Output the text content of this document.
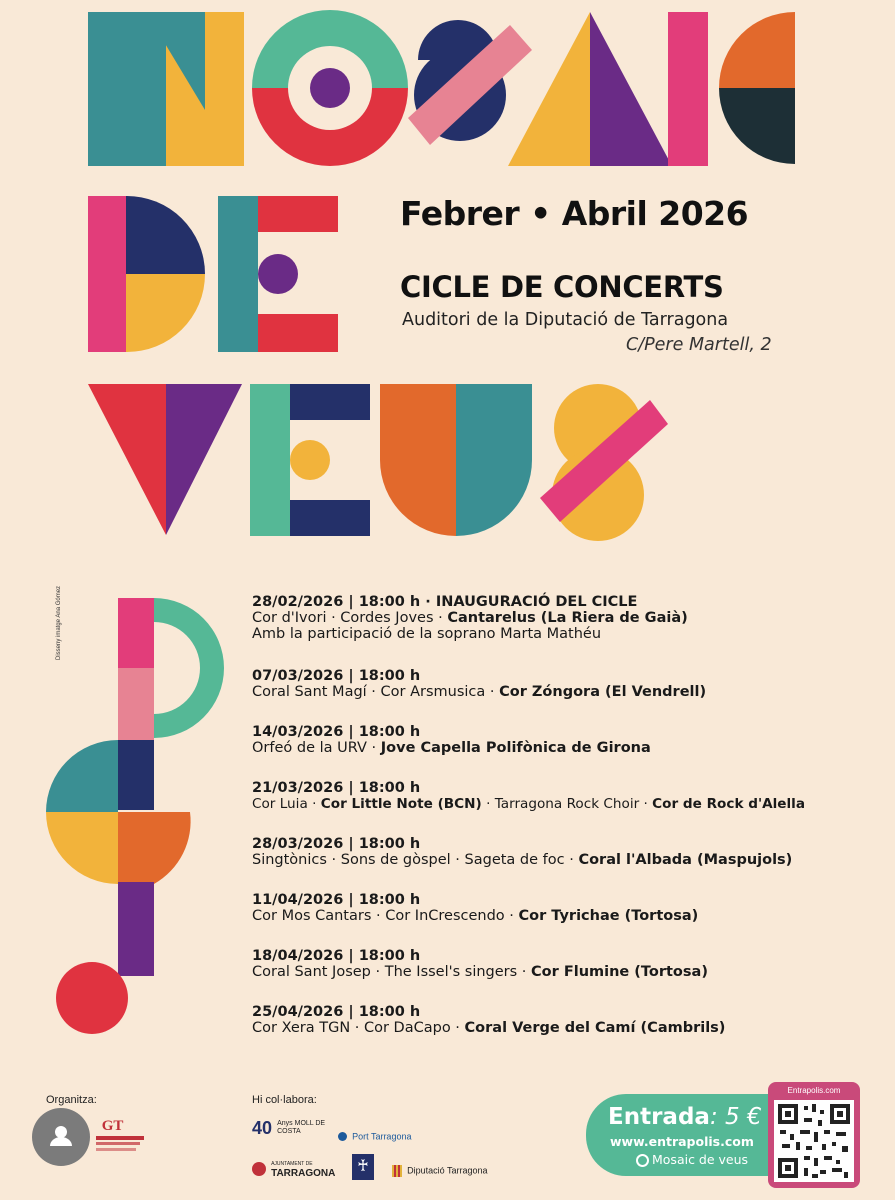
Febrer • Abril 2026
CICLE DE CONCERTS
Auditori de la Diputació de Tarragona
C/Pere Martell, 2
Disseny imatge Ana Gómez	28/02/2026 | 18:00 h · INAUGURACIÓ DEL CICLE
Cor d'Ivori · Cordes Joves · Cantarelus (La Riera de Gaià)
Amb la participació de la soprano Marta Mathéu
07/03/2026 | 18:00 h
Coral Sant Magí · Cor Arsmusica · Cor Zóngora (El Vendrell)
14/03/2026 | 18:00 h
Orfeó de la URV · Jove Capella Polifònica de Girona
21/03/2026 | 18:00 h
Cor Luia · Cor Little Note (BCN) · Tarragona Rock Choir · Cor de Rock d'Alella
28/03/2026 | 18:00 h
Singtònics · Sons de gòspel · Sageta de foc · Coral l'Albada (Maspujols)
11/04/2026 | 18:00 h
Cor Mos Cantars · Cor InCrescendo · Cor Tyrichae (Tortosa)
18/04/2026 | 18:00 h
Coral Sant Josep · The Issel's singers · Cor Flumine (Tortosa)
25/04/2026 | 18:00 h
Cor Xera TGN · Cor DaCapo · Coral Verge del Camí (Cambrils)
Organitza:	Hi col·labora:
GT	40 Anys MOLL DE COSTA	Port Tarragona

AJUNTAMENT DE
TARRAGONA	♰	Diputació Tarragona
Entrada: 5 €
www.entrapolis.com
Mosaic de veus
Entrapolis.com
